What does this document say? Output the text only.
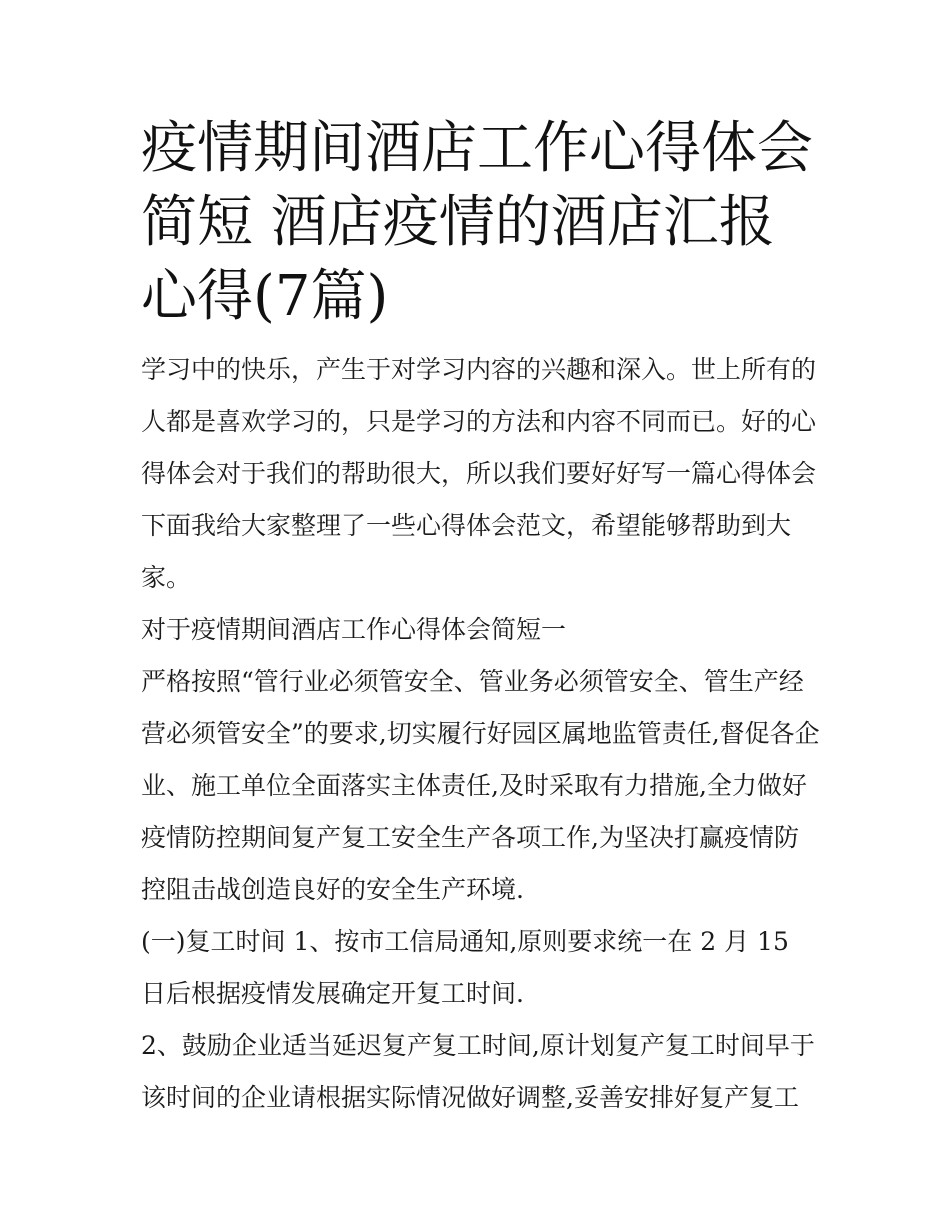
疫情期间酒店工作心得体会简短 酒店疫情的酒店汇报心得(7篇)

学习中的快乐，产生于对学习内容的兴趣和深入。世上所有的人都是喜欢学习的，只是学习的方法和内容不同而已。好的心得体会对于我们的帮助很大，所以我们要好好写一篇心得体会下面我给大家整理了一些心得体会范文，希望能够帮助到大家。

对于疫情期间酒店工作心得体会简短一

严格按照“管行业必须管安全、管业务必须管安全、管生产经营必须管安全”的要求,切实履行好园区属地监管责任,督促各企业、施工单位全面落实主体责任,及时采取有力措施,全力做好疫情防控期间复产复工安全生产各项工作,为坚决打赢疫情防控阻击战创造良好的安全生产环境.

(一)复工时间 1、按市工信局通知,原则要求统一在 2 月 15 日后根据疫情发展确定开复工时间.

2、鼓励企业适当延迟复产复工时间,原计划复产复工时间早于该时间的企业请根据实际情况做好调整,妥善安排好复产复工
